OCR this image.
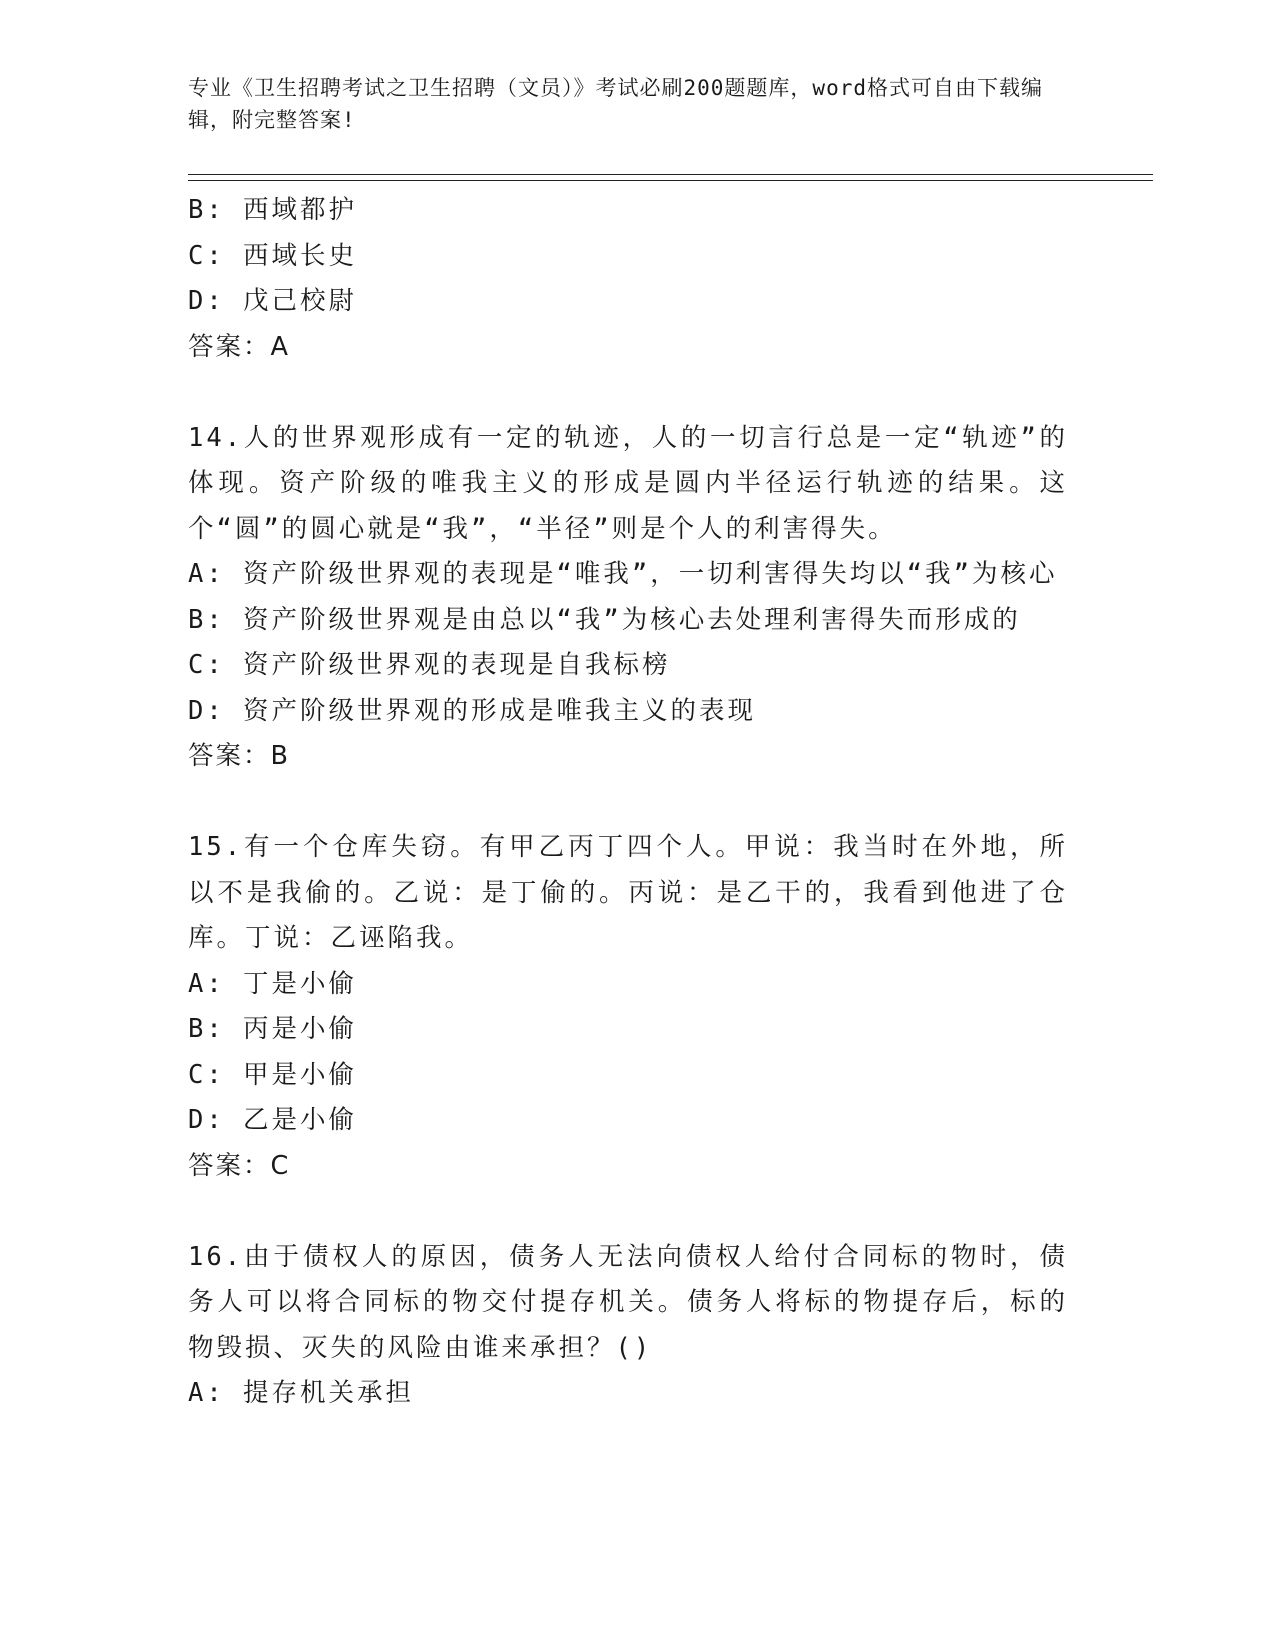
专业《卫生招聘考试之卫生招聘（文员）》考试必刷200题题库，word格式可自由下载编辑，附完整答案!
B: 西域都护
C: 西域长史
D: 戊己校尉
答案：A
14.人的世界观形成有一定的轨迹，人的一切言行总是一定“轨迹”的体现。资产阶级的唯我主义的形成是圆内半径运行轨迹的结果。这个“圆”的圆心就是“我”，“半径”则是个人的利害得失。
A: 资产阶级世界观的表现是“唯我”，一切利害得失均以“我”为核心
B: 资产阶级世界观是由总以“我”为核心去处理利害得失而形成的
C: 资产阶级世界观的表现是自我标榜
D: 资产阶级世界观的形成是唯我主义的表现
答案：B
15.有一个仓库失窃。有甲乙丙丁四个人。甲说：我当时在外地，所以不是我偷的。乙说：是丁偷的。丙说：是乙干的，我看到他进了仓库。丁说：乙诬陷我。
A: 丁是小偷
B: 丙是小偷
C: 甲是小偷
D: 乙是小偷
答案：C
16.由于债权人的原因，债务人无法向债权人给付合同标的物时，债务人可以将合同标的物交付提存机关。债务人将标的物提存后，标的物毁损、灭失的风险由谁来承担？()
A: 提存机关承担
